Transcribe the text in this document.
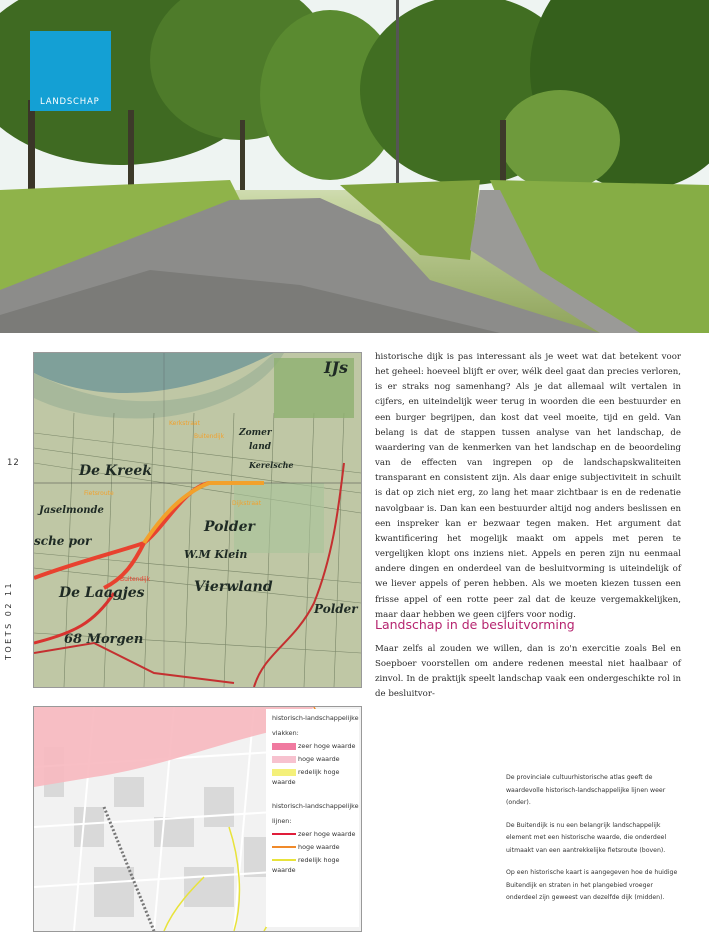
LANDSCHAP
12
TOETS 02 11
IJs
De Kreek
Polder
W.M Klein
Vierwland
De Laagjes
68 Morgen
Polder
Zomer
land
Kerelsche
Jaselmonde
sche por
Buitendijk
Fietsroute
Dijkstraat
Kerkstraat
Buitendijk

historische dijk is pas interessant als je weet wat dat betekent voor het geheel: hoeveel blijft er over, wélk deel gaat dan precies verloren, is er straks nog samenhang? Als je dat allemaal wilt vertalen in cijfers, en uiteindelijk weer terug in woorden die een bestuurder en een burger begrijpen, dan kost dat veel moeite, tijd en geld. Van belang is dat de stappen tussen analyse van het landschap, de waardering van de kenmerken van het landschap en de beoordeling van de effecten van ingrepen op de landschapskwaliteiten transparant en consistent zijn. Als daar enige subjectiviteit in schuilt is dat op zich niet erg, zo lang het maar zichtbaar is en de redenatie navolgbaar is. Dan kan een bestuurder altijd nog anders beslissen en een inspreker kan er bezwaar tegen maken. Het argument dat kwantificering het mogelijk maakt om appels met peren te vergelijken klopt ons inziens niet. Appels en peren zijn nu eenmaal andere dingen en onderdeel van de besluitvorming is uiteindelijk of we liever appels of peren hebben. Als we moeten kiezen tussen een frisse appel of een rotte peer zal dat de keuze vergemakkelijken, maar daar hebben we geen cijfers voor nodig.

Landschap in de besluitvorming

Maar zelfs al zouden we willen, dan is zo'n exercitie zoals Bel en Soepboer voorstellen om andere redenen meestal niet haalbaar of zinvol. In de praktijk speelt landschap vaak een ondergeschikte rol in de besluitvor-

historisch-landschappelijke
vlakken:
zeer hoge waarde
hoge waarde
redelijk hoge waarde
historisch-landschappelijke
lijnen:
zeer hoge waarde
hoge waarde
redelijk hoge waarde

De provinciale cultuurhistorische atlas geeft de waardevolle historisch-landschappelijke lijnen weer (onder).

De Buitendijk is nu een belangrijk landschappelijk element met een historische waarde, die onderdeel uitmaakt van een aantrekkelijke fietsroute (boven).

Op een historische kaart is aangegeven hoe de huidige Buitendijk en straten in het plangebied vroeger onderdeel zijn geweest van dezelfde dijk (midden).
